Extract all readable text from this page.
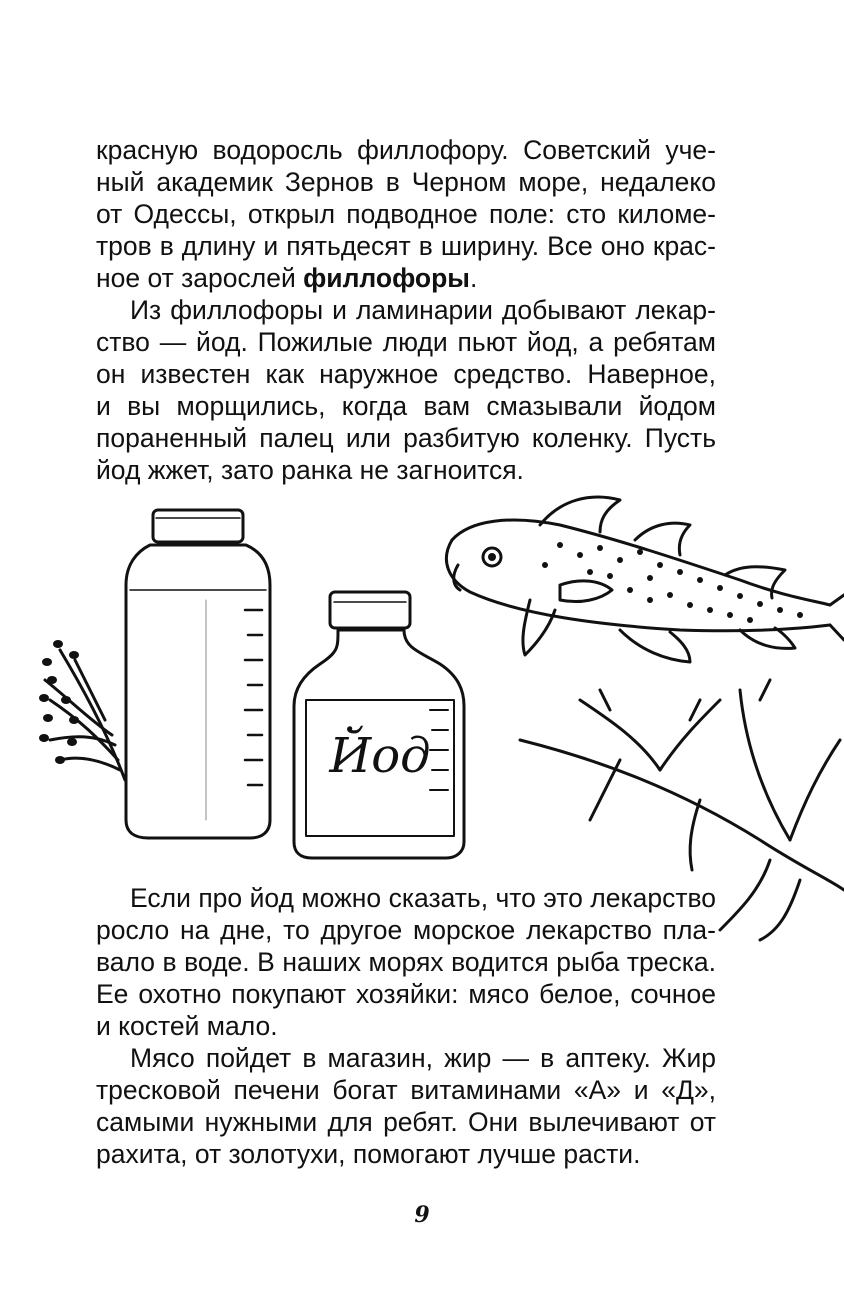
красную водоросль филлофору. Советский уче-
ный академик Зернов в Черном море, недалеко
от Одессы, открыл подводное поле: сто киломе-
тров в длину и пятьдесят в ширину. Все оно крас-
ное от зарослей филлофоры.
Из филлофоры и ламинарии добывают лекар-
ство — йод. Пожилые люди пьют йод, а ребятам
он известен как наружное средство. Наверное,
и вы морщились, когда вам смазывали йодом
пораненный палец или разбитую коленку. Пусть
йод жжет, зато ранка не загноится.
Йод
Если про йод можно сказать, что это лекарство
росло на дне, то другое морское лекарство пла-
вало в воде. В наших морях водится рыба треска.
Ее охотно покупают хозяйки: мясо белое, сочное
и костей мало.
Мясо пойдет в магазин, жир — в аптеку. Жир
тресковой печени богат витаминами «А» и «Д»,
самыми нужными для ребят. Они вылечивают от
рахита, от золотухи, помогают лучше расти.
9
